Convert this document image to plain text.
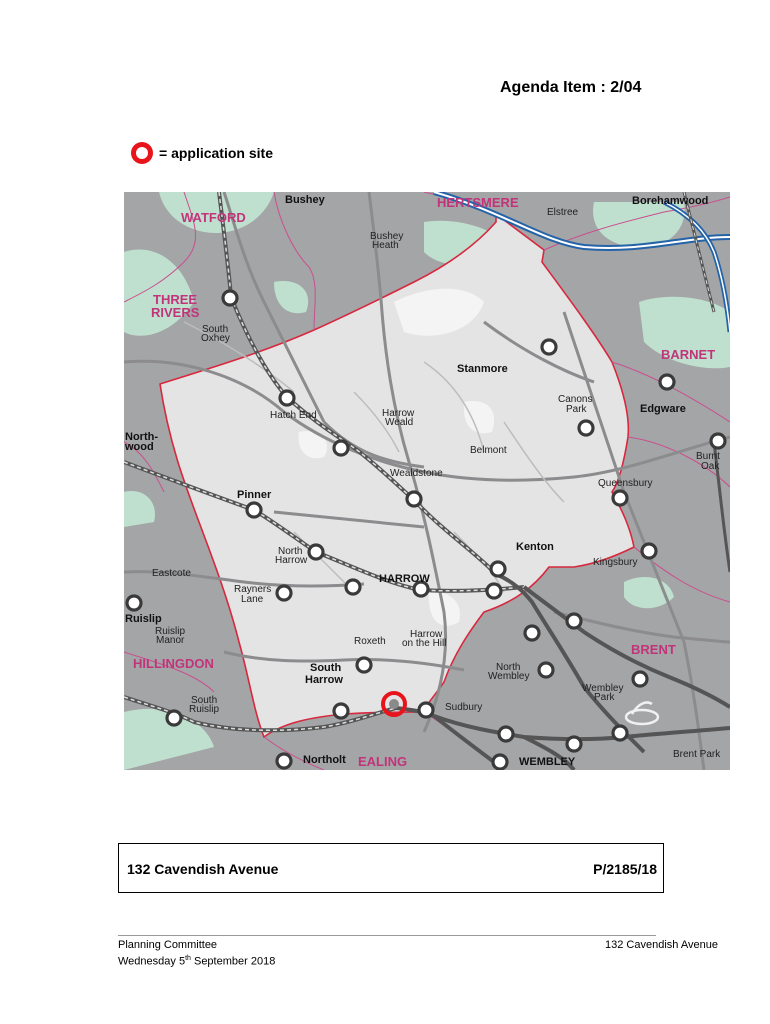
Agenda Item : 2/04
= application site
WATFORD
HERTSMERE
THREE
RIVERS
BARNET
HILLINGDON
BRENT
EALING
Bushey
Elstree
Borehamwood
Bushey
Heath
South
Oxhey
Stanmore
Canons
Park	Edgware
Hatch End	Harrow
Weald
North-
wood	Belmont
Burnt
Oak
Wealdstone
Queensbury
Pinner
Kenton
Kingsbury
North
Harrow
Eastcote	HARROW
Rayners
Lane
Ruislip
Ruislip
Manor	Roxeth
Harrow
on the Hill
North
Wembley
South
Harrow
Wembley
Park
South
Ruislip	Sudbury
Brent Park
Northolt	WEMBLEY
132 Cavendish Avenue	P/2185/18
Planning Committee
Wednesday 5th September 2018
132 Cavendish Avenue
